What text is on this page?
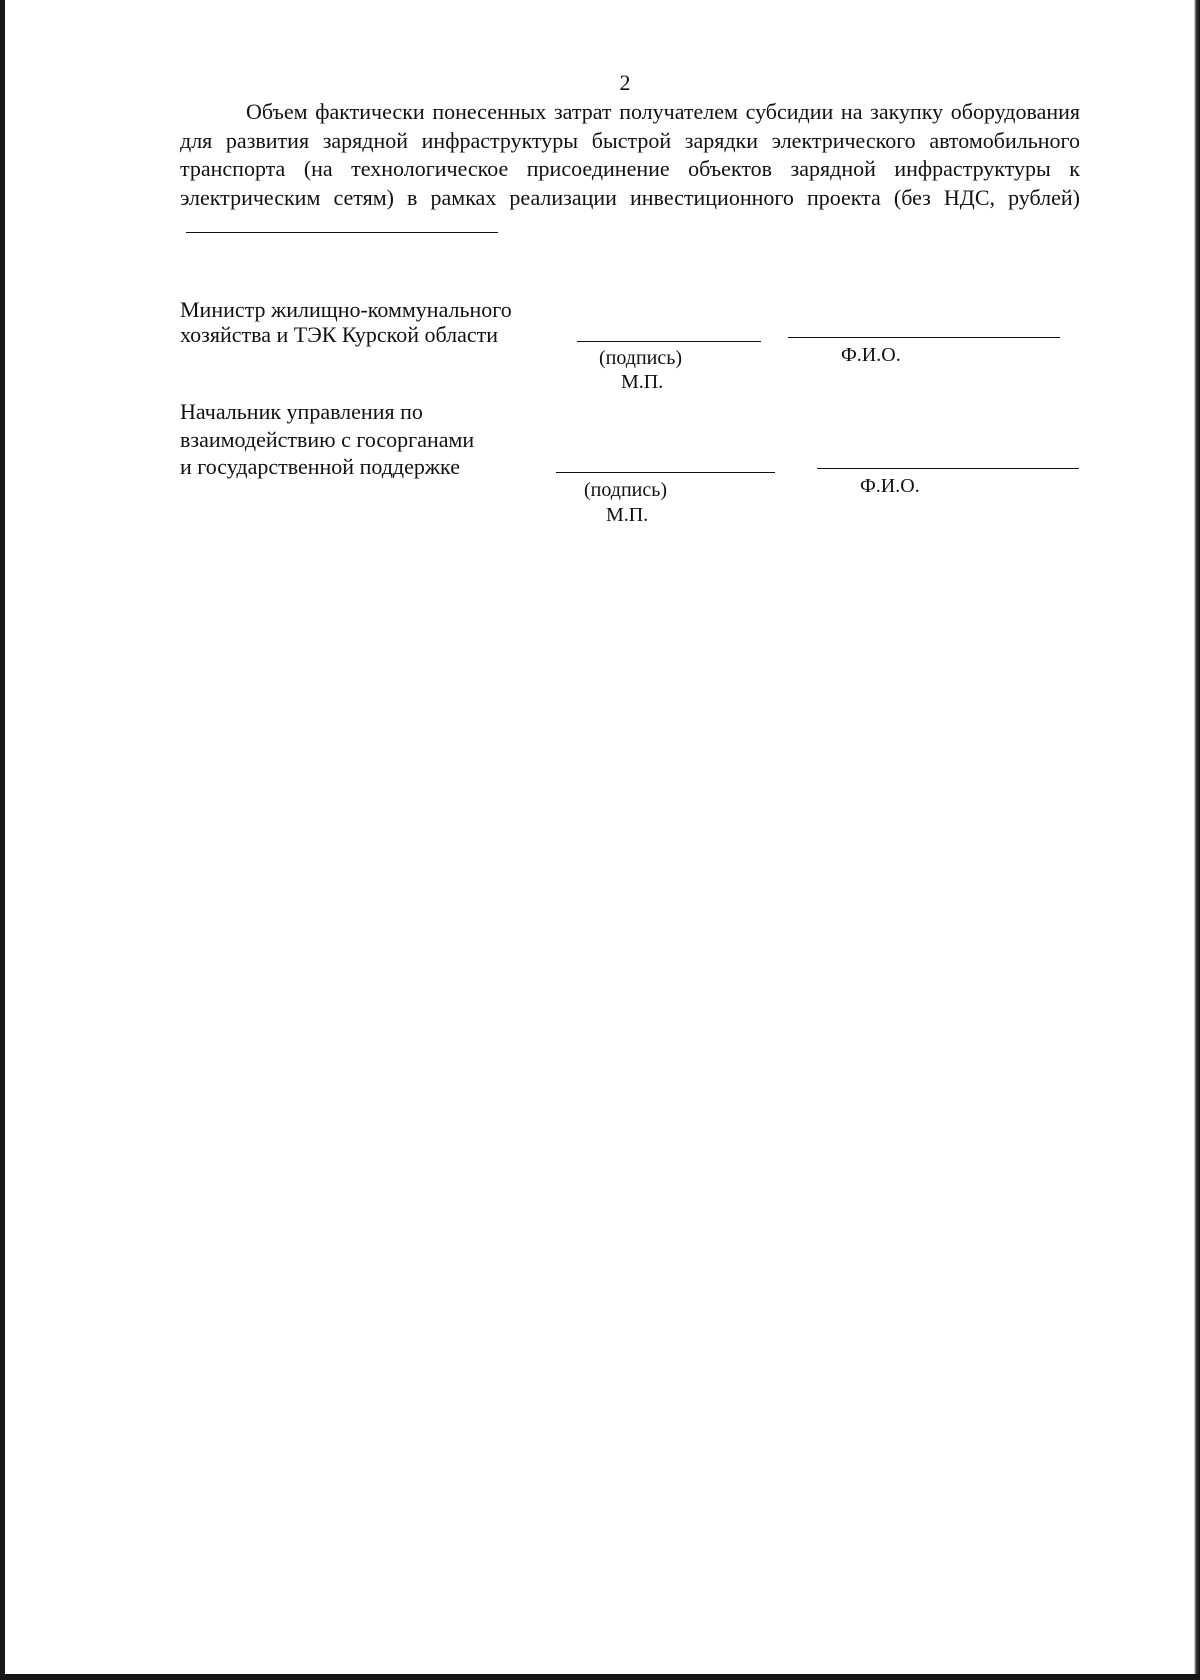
2

Объем фактически понесенных затрат получателем субсидии на закупку оборудования для развития зарядной инфраструктуры быстрой зарядки электрического автомобильного транспорта (на технологическое присоединение объектов зарядной инфраструктуры к электрическим сетям) в рамках реализации инвестиционного проекта (без НДС, рублей)

Министр жилищно-коммунального

хозяйства и ТЭК Курской области

(подпись)	Ф.И.О.

М.П.

Начальник управления по

взаимодействию с госорганами

и государственной поддержке

(подпись)	Ф.И.О.

М.П.
